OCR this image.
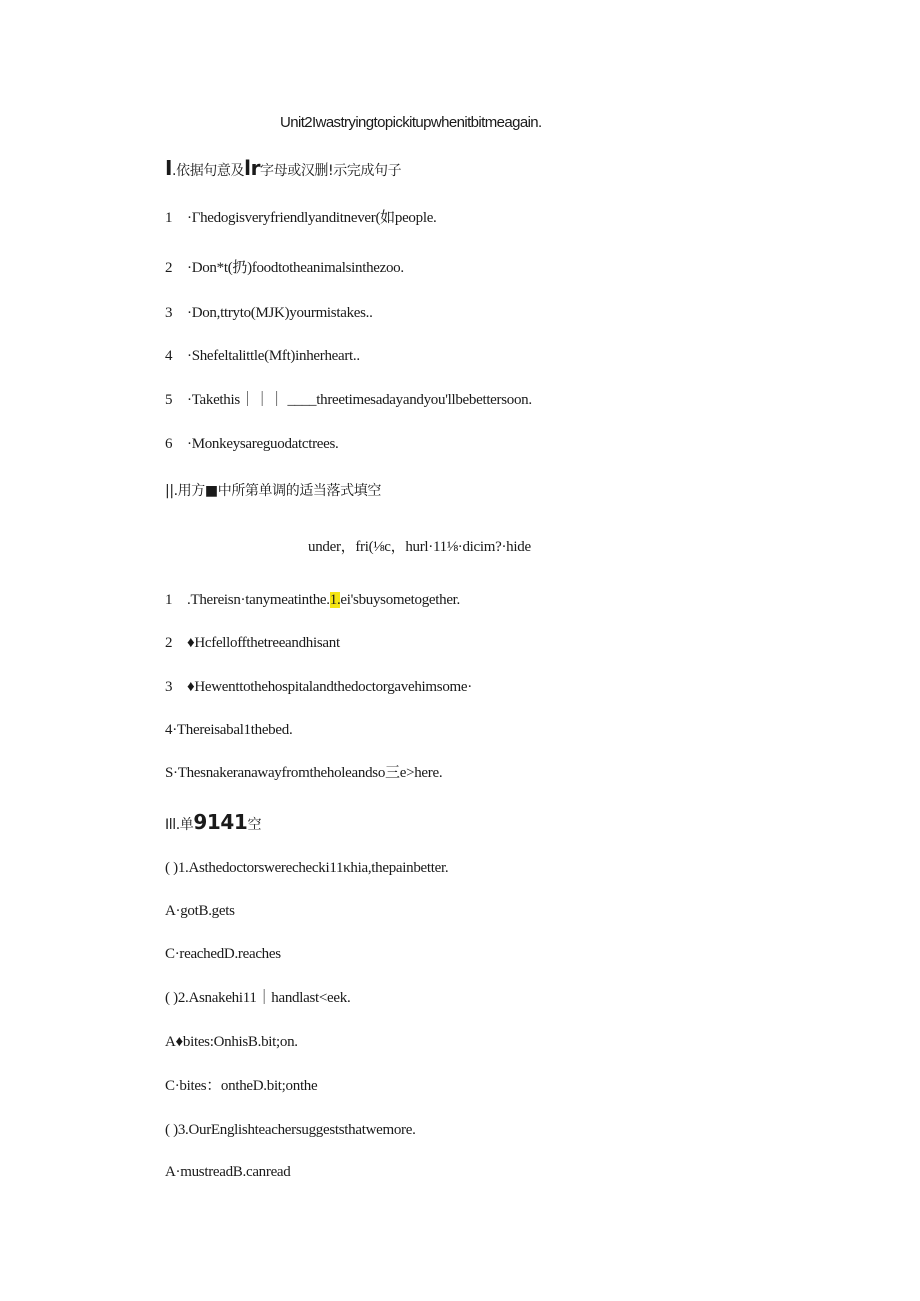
Unit2Iwastryingtopickitupwhenitbitmeagain.
I.依据句意及lr字母或汉删!示完成句子
1 ·Γhedogisveryfriendlyanditnever(如people.
2 ·Don*t(扔)foodtotheanimalsinthezoo.
3 ·Don,ttryto(MJK)yourmistakes..
4 ·Shefeltalittle(Mft)inherheart..
5 ·Takethis｜｜｜ ____threetimesadayandyou'llbebettersoon.
6 ·Monkeysareguodatctrees.
||.用方■中所第单调的适当落式填空
under，fri(⅛c，hurl·11⅛·dicim?·hide
1 .Thereisn·tanymeatinthe.1.ei'sbuysometogether.
2 ♦Hcfelloffthetreeandhisant
3 ♦Hewenttothehospitalandthedoctorgavehimsome·
4·Thereisabal1thebed.
S·Thesnakeranawayfromtheholeandso三e>here.
Ill.单9141空
( )1.Asthedoctorswerechecki11κhia,thepainbetter.
A·gotB.gets
C·reachedD.reaches
( )2.Asnakehi11｜handlast<eek.
A♦bites:OnhisB.bit;on.
C·bites：ontheD.bit;onthe
( )3.OurEnglishteachersuggeststhatwemore.
A·mustreadB.canread
